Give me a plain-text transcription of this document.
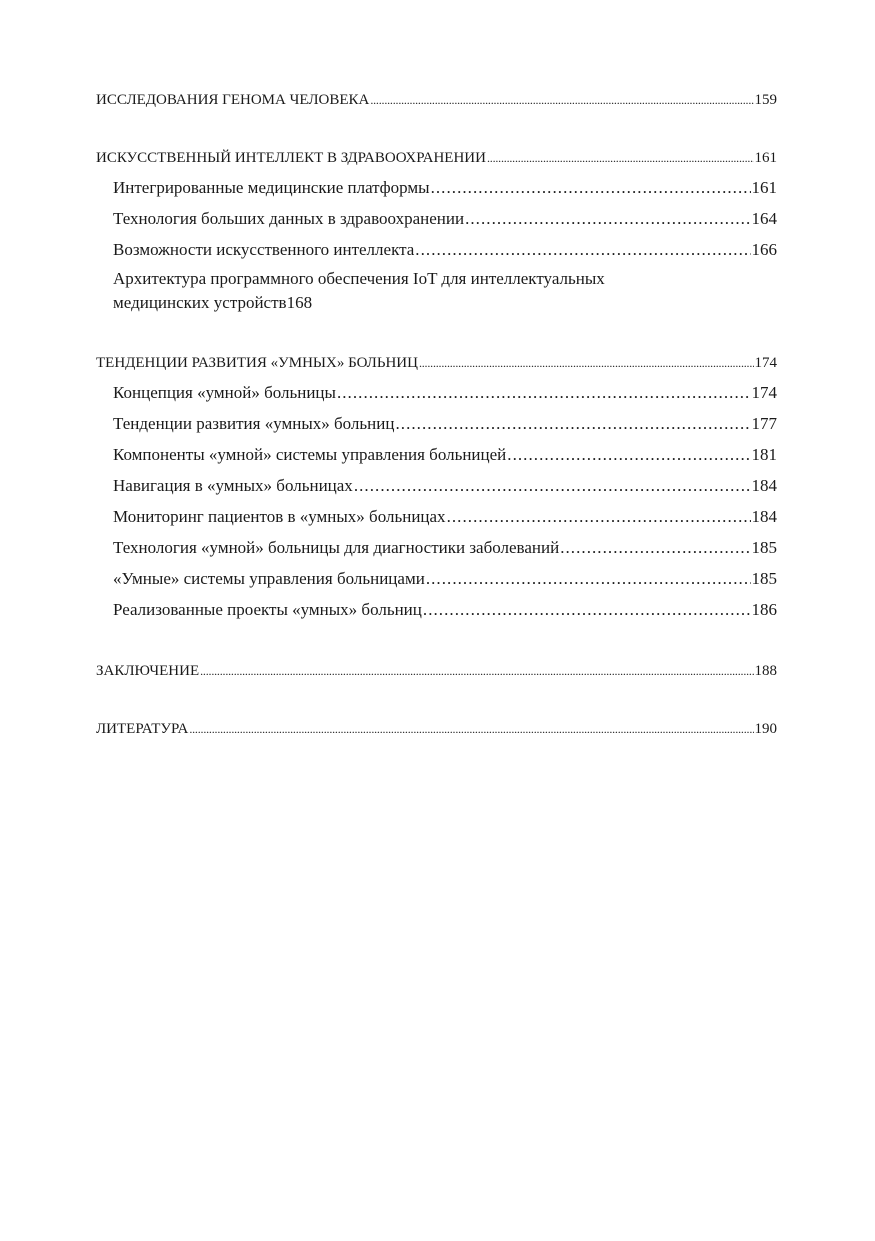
ИССЛЕДОВАНИЯ ГЕНОМА ЧЕЛОВЕКА . . .	159
ИСКУССТВЕННЫЙ ИНТЕЛЛЕКТ В ЗДРАВООХРАНЕНИИ . . .	161
Интегрированные медицинские платформы . . .	161
Технология больших данных в здравоохранении . . .	164
Возможности искусственного интеллекта . . .	166
Архитектура программного обеспечения IoT для интеллектуальных
медицинских устройств 168
ТЕНДЕНЦИИ РАЗВИТИЯ «УМНЫХ» БОЛЬНИЦ . . .	174
Концепция «умной» больницы . . .	174
Тенденции развития «умных» больниц . . .	177
Компоненты «умной» системы управления больницей . . .	181
Навигация в «умных» больницах . . .	184
Мониторинг пациентов в «умных» больницах . . .	184
Технология «умной» больницы для диагностики заболеваний . . .	185
«Умные» системы управления больницами . . .	185
Реализованные проекты «умных» больниц . . .	186
ЗАКЛЮЧЕНИЕ . . .	188
ЛИТЕРАТУРА . . .	190
